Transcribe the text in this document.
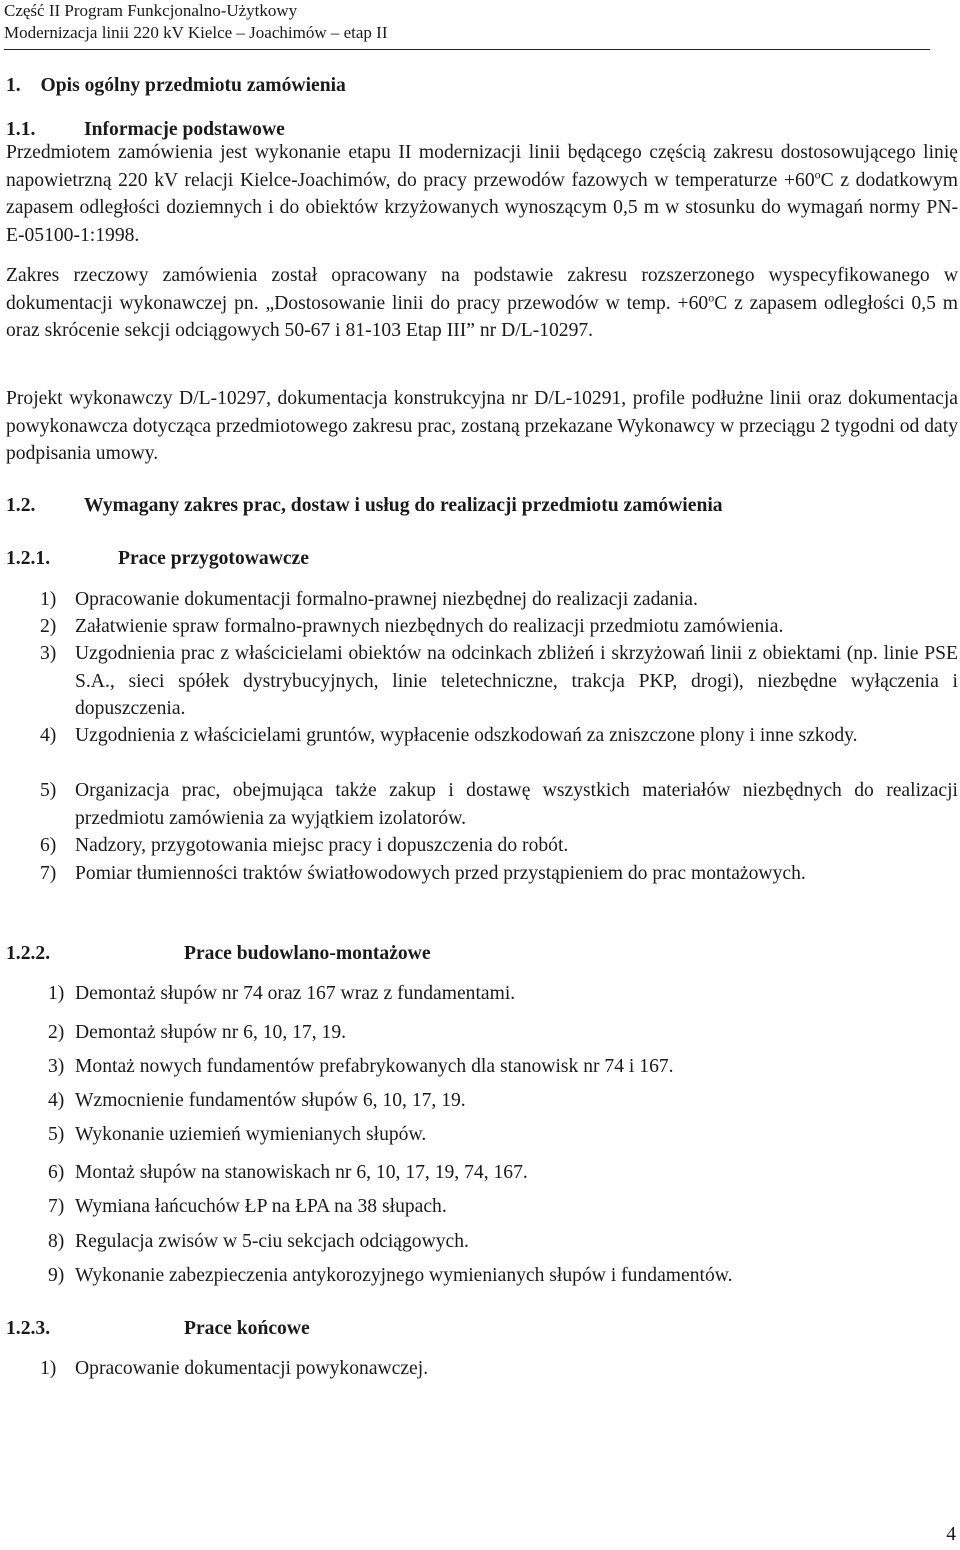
Część II Program Funkcjonalno-Użytkowy
Modernizacja linii 220 kV Kielce – Joachimów – etap II
1. Opis ogólny przedmiotu zamówienia
1.1. Informacje podstawowe
Przedmiotem zamówienia jest wykonanie etapu II modernizacji linii będącego częścią zakresu dostosowującego linię napowietrzną 220 kV relacji Kielce-Joachimów, do pracy przewodów fazowych w temperaturze $+60^oC$ z dodatkowym zapasem odległości doziemnych i do obiektów krzyżowanych wynoszącym 0,5 m w stosunku do wymagań normy PN-E-05100-1:1998.
Zakres rzeczowy zamówienia został opracowany na podstawie zakresu rozszerzonego wyspecyfikowanego w dokumentacji wykonawczej pn. „Dostosowanie linii do pracy przewodów w temp. $+60^oC$ z zapasem odległości 0,5 m oraz skrócenie sekcji odciągowych 50-67 i 81-103 Etap III” nr D/L-10297.
Projekt wykonawczy D/L-10297, dokumentacja konstrukcyjna nr D/L-10291, profile podłużne linii oraz dokumentacja powykonawcza dotycząca przedmiotowego zakresu prac, zostaną przekazane Wykonawcy w przeciągu 2 tygodni od daty podpisania umowy.
1.2. Wymagany zakres prac, dostaw i usług do realizacji przedmiotu zamówienia
1.2.1.	Prace przygotowawcze
1) Opracowanie dokumentacji formalno-prawnej niezbędnej do realizacji zadania.
2) Załatwienie spraw formalno-prawnych niezbędnych do realizacji przedmiotu zamówienia.
3) Uzgodnienia prac z właścicielami obiektów na odcinkach zbliżeń i skrzyżowań linii z obiektami (np. linie PSE S.A., sieci spółek dystrybucyjnych, linie teletechniczne, trakcja PKP, drogi), niezbędne wyłączenia i dopuszczenia.
4) Uzgodnienia z właścicielami gruntów, wypłacenie odszkodowań za zniszczone plony i inne szkody.
5) Organizacja prac, obejmująca także zakup i dostawę wszystkich materiałów niezbędnych do realizacji przedmiotu zamówienia za wyjątkiem izolatorów.
6) Nadzory, przygotowania miejsc pracy i dopuszczenia do robót.
7) Pomiar tłumienności traktów światłowodowych przed przystąpieniem do prac montażowych.
1.2.2.	Prace budowlano-montażowe
1) Demontaż słupów nr 74 oraz 167 wraz z fundamentami.
2) Demontaż słupów nr 6, 10, 17, 19.
3) Montaż nowych fundamentów prefabrykowanych dla stanowisk nr 74 i 167.
4) Wzmocnienie fundamentów słupów 6, 10, 17, 19.
5) Wykonanie uziemień wymienianych słupów.
6) Montaż słupów na stanowiskach nr 6, 10, 17, 19, 74, 167.
7) Wymiana łańcuchów ŁP na ŁPA na 38 słupach.
8) Regulacja zwisów w 5-ciu sekcjach odciągowych.
9) Wykonanie zabezpieczenia antykorozyjnego wymienianych słupów i fundamentów.
1.2.3.	Prace końcowe
1) Opracowanie dokumentacji powykonawczej.
4
